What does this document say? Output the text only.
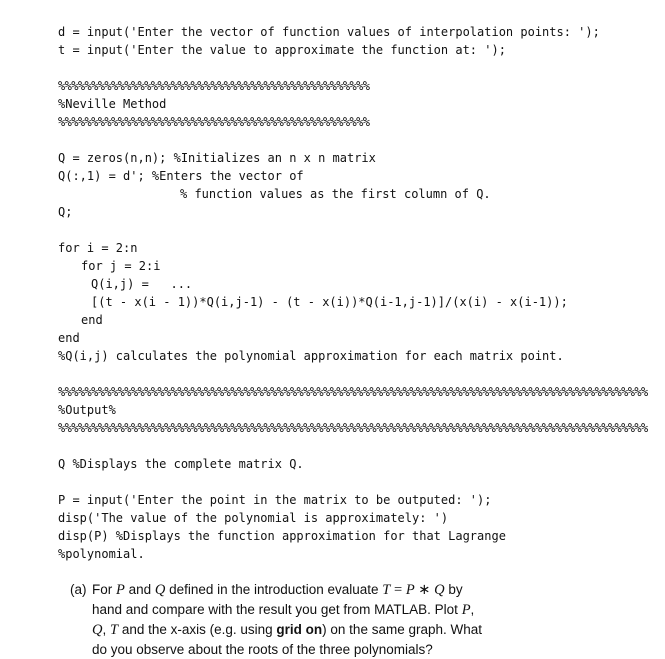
d = input('Enter the vector of function values of interpolation points: ');
t = input('Enter the value to approximate the function at: ');
%%%%%%%%%%%%%%%%%%%%%%%%%%%%%%%%%%%%%%%%%%%%%%%
%Neville Method
%%%%%%%%%%%%%%%%%%%%%%%%%%%%%%%%%%%%%%%%%%%%%%%
Q = zeros(n,n); %Initializes an n x n matrix
Q(:,1) = d'; %Enters the vector of
% function values as the first column of Q.
Q;
for i = 2:n
for j = 2:i
Q(i,j) =   ...
[(t - x(i - 1))*Q(i,j-1) - (t - x(i))*Q(i-1,j-1)]/(x(i) - x(i-1));
end
end
%Q(i,j) calculates the polynomial approximation for each matrix point.
%%%%%%%%%%%%%%%%%%%%%%%%%%%%%%%%%%%%%%%%%%%%%%%%%%%%%%%%%%%%%%%%%%%%%%%%%%%%%%%%%%%%%%%%%
%Output%
%%%%%%%%%%%%%%%%%%%%%%%%%%%%%%%%%%%%%%%%%%%%%%%%%%%%%%%%%%%%%%%%%%%%%%%%%%%%%%%%%%%%%%%%%
Q %Displays the complete matrix Q.
P = input('Enter the point in the matrix to be outputed: ');
disp('The value of the polynomial is approximately: ')
disp(P) %Displays the function approximation for that Lagrange
%polynomial.
(a) For P and Q defined in the introduction evaluate T = P ∗ Q by
hand and compare with the result you get from MATLAB. Plot P,
Q, T and the x-axis (e.g. using grid on) on the same graph. What
do you observe about the roots of the three polynomials?
